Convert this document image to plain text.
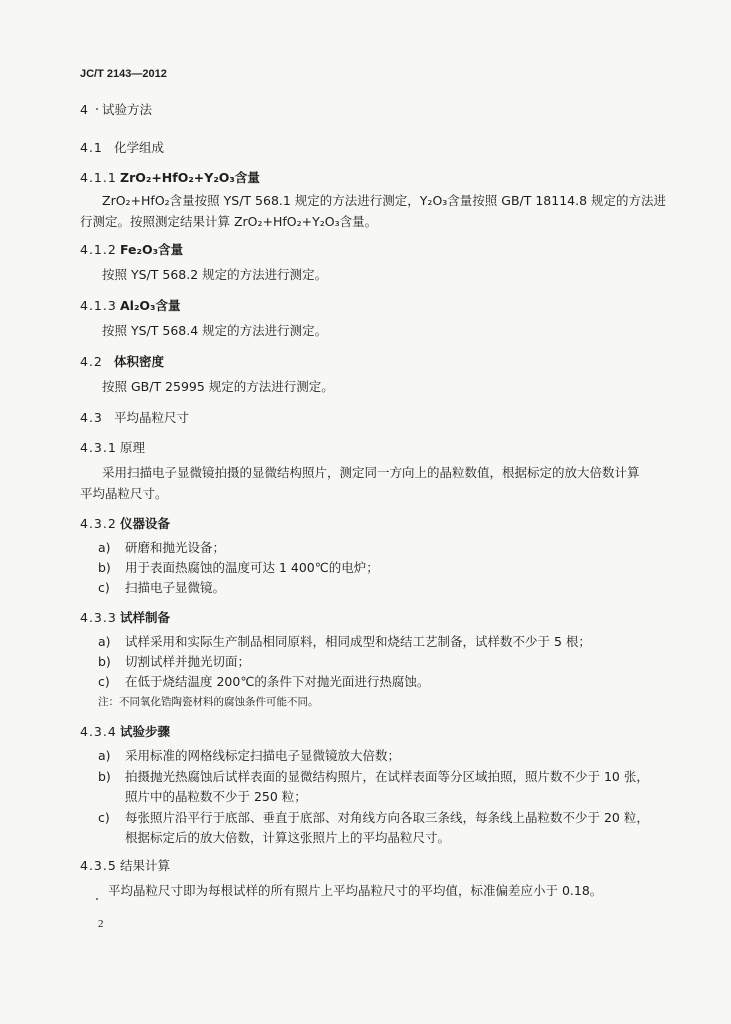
JC/T 2143—2012
4 试验方法
4.1 化学组成
4.1.1 ZrO₂+HfO₂+Y₂O₃含量
ZrO₂+HfO₂含量按照 YS/T 568.1 规定的方法进行测定，Y₂O₃含量按照 GB/T 18114.8 规定的方法进
行测定。按照测定结果计算 ZrO₂+HfO₂+Y₂O₃含量。
4.1.2 Fe₂O₃含量
按照 YS/T 568.2 规定的方法进行测定。
4.1.3 Al₂O₃含量
按照 YS/T 568.4 规定的方法进行测定。
4.2 体积密度
按照 GB/T 25995 规定的方法进行测定。
4.3 平均晶粒尺寸
4.3.1 原理
采用扫描电子显微镜拍摄的显微结构照片，测定同一方向上的晶粒数值，根据标定的放大倍数计算
平均晶粒尺寸。
4.3.2 仪器设备
a) 研磨和抛光设备；
b) 用于表面热腐蚀的温度可达 1 400℃的电炉；
c) 扫描电子显微镜。
4.3.3 试样制备
a) 试样采用和实际生产制品相同原料，相同成型和烧结工艺制备，试样数不少于 5 根；
b) 切割试样并抛光切面；
c) 在低于烧结温度 200℃的条件下对抛光面进行热腐蚀。
注：不同氧化锆陶瓷材料的腐蚀条件可能不同。
4.3.4 试验步骤
a) 采用标准的网格线标定扫描电子显微镜放大倍数；
b) 拍摄抛光热腐蚀后试样表面的显微结构照片，在试样表面等分区域拍照，照片数不少于 10 张，
照片中的晶粒数不少于 250 粒；
c) 每张照片沿平行于底部、垂直于底部、对角线方向各取三条线，每条线上晶粒数不少于 20 粒，
根据标定后的放大倍数，计算这张照片上的平均晶粒尺寸。
4.3.5 结果计算
平均晶粒尺寸即为每根试样的所有照片上平均晶粒尺寸的平均值，标准偏差应小于 0.18。
2
